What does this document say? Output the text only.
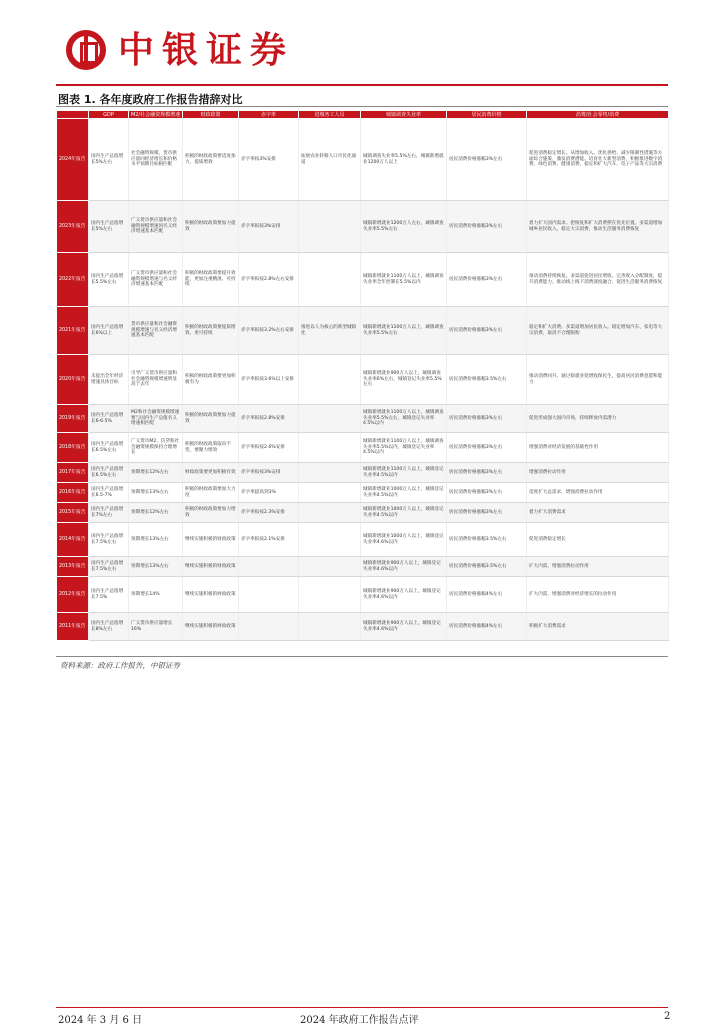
中银证券
图表 1. 各年度政府工作报告措辞对比
	GDP	M2/社会融资规模增速	财政政策	赤字率	进城务工人员	城镇调查失业率	居民消费价格	消费/社会零售/消费
2024年报告	国内生产总值增长5%左右	社会融资规模、货币供应量同经济增长和价格水平预期目标相匹配	积极的财政政策要适度加力、提质增效	赤字率按3%安排	拓展农业转移人口市民化通道	城镇调查失业率5.5%左右，城镇新增就业1200万人以上	居民消费价格涨幅3%左右	促进消费稳定增长。从增加收入、优化供给、减少限制性措施等方面综合施策，激发消费潜能。培育壮大新型消费，积极推进数字消费、绿色消费、健康消费，稳定和扩大汽车、电子产品等大宗消费
2023年报告	国内生产总值增长5%左右	广义货币供应量和社会融资规模增速同名义经济增速基本匹配	积极的财政政策要加力提效	赤字率拟按3%安排		城镇新增就业1200万人左右，城镇调查失业率5.5%左右	居民消费价格涨幅3%左右	着力扩大国内需求。把恢复和扩大消费摆在优先位置。多渠道增加城乡居民收入，稳定大宗消费，推动生活服务消费恢复
2022年报告	国内生产总值增长5.5%左右	广义货币供应量和社会融资规模增速与名义经济增速基本匹配	积极的财政政策要提升效能，更加注重精准、可持续	赤字率拟按2.8%左右安排		城镇新增就业1100万人以上，城镇调查失业率全年控制在5.5%以内	居民消费价格涨幅3%左右	推动消费持续恢复。多渠道促进居民增收，完善收入分配制度，提升消费能力。推动线上线下消费深度融合，促进生活服务消费恢复
2021年报告	国内生产总值增长6%以上	货币供应量和社会融资规模增速与名义经济增速基本匹配	积极的财政政策要提质增效、更可持续	赤字率拟按3.2%左右安排	推进以人为核心的新型城镇化	城镇新增就业1100万人以上，城镇调查失业率5.5%左右	居民消费价格涨幅3%左右	稳定和扩大消费。多渠道增加居民收入。稳定增加汽车、家电等大宗消费，取消不合理限购
2020年报告	未提出全年经济增速具体目标	引导广义货币供应量和社会融资规模增速明显高于去年	积极的财政政策要更加积极有为	赤字率拟按3.6%以上安排		城镇新增就业900万人以上，城镇调查失业率6%左右，城镇登记失业率5.5%左右	居民消费价格涨幅3.5%左右	推动消费回升。通过稳就业促增收保民生，提高居民消费意愿和能力
2019年报告	国内生产总值增长6-6.5%	M2和社会融资规模增速要与国内生产总值名义增速相匹配	积极的财政政策要加力提效	赤字率拟按2.8%安排		城镇新增就业1100万人以上，城镇调查失业率5.5%左右，城镇登记失业率4.5%以内	居民消费价格涨幅3%左右	促进形成强大国内市场，持续释放内需潜力
2018年报告	国内生产总值增长6.5%左右	广义货币M2、信贷和社会融资规模保持合理增长	积极的财政政策取向不变，要聚力增效	赤字率拟按2.6%安排		城镇新增就业1100万人以上，城镇调查失业率5.5%以内，城镇登记失业率4.5%以内	居民消费价格涨幅3%左右	增强消费对经济发展的基础性作用
2017年报告	国内生产总值增长6.5%左右	预期增长12%左右	财政政策要更加积极有效	赤字率拟按3%安排		城镇新增就业1100万人以上，城镇登记失业率4.5%以内	居民消费价格涨幅3%左右	增强消费拉动作用
2016年报告	国内生产总值增长6.5-7%	预期增长13%左右	积极的财政政策要加大力度	赤字率提高到3%		城镇新增就业1000万人以上，城镇登记失业率4.5%以内	居民消费价格涨幅3%左右	适度扩大总需求，增强消费拉动作用
2015年报告	国内生产总值增长7%左右	预期增长12%左右	积极的财政政策要加力增效	赤字率拟按2.3%安排		城镇新增就业1000万人以上，城镇登记失业率4.5%以内	居民消费价格涨幅3%左右	着力扩大消费需求
2014年报告	国内生产总值增长7.5%左右	预期增长13%左右	继续实施积极的财政政策	赤字率拟按2.1%安排		城镇新增就业1000万人以上，城镇登记失业率4.6%以内	居民消费价格涨幅3.5%左右	促进消费稳定增长
2013年报告	国内生产总值增长7.5%左右	预期增长13%左右	继续实施积极的财政政策			城镇新增就业900万人以上，城镇登记失业率4.6%以内	居民消费价格涨幅3.5%左右	扩大内需，增强消费拉动作用
2012年报告	国内生产总值增长7.5%	预期增长14%	继续实施积极的财政政策			城镇新增就业900万人以上，城镇登记失业率4.6%以内	居民消费价格涨幅4%左右	扩大内需，增强消费对经济增长的拉动作用
2011年报告	国内生产总值增长8%左右	广义货币供应量增长16%	继续实施积极的财政政策			城镇新增就业900万人以上，城镇登记失业率4.6%以内	居民消费价格涨幅4%左右	积极扩大消费需求
资料来源：政府工作报告，中银证券
2024 年 3 月 6 日	2024 年政府工作报告点评	2
